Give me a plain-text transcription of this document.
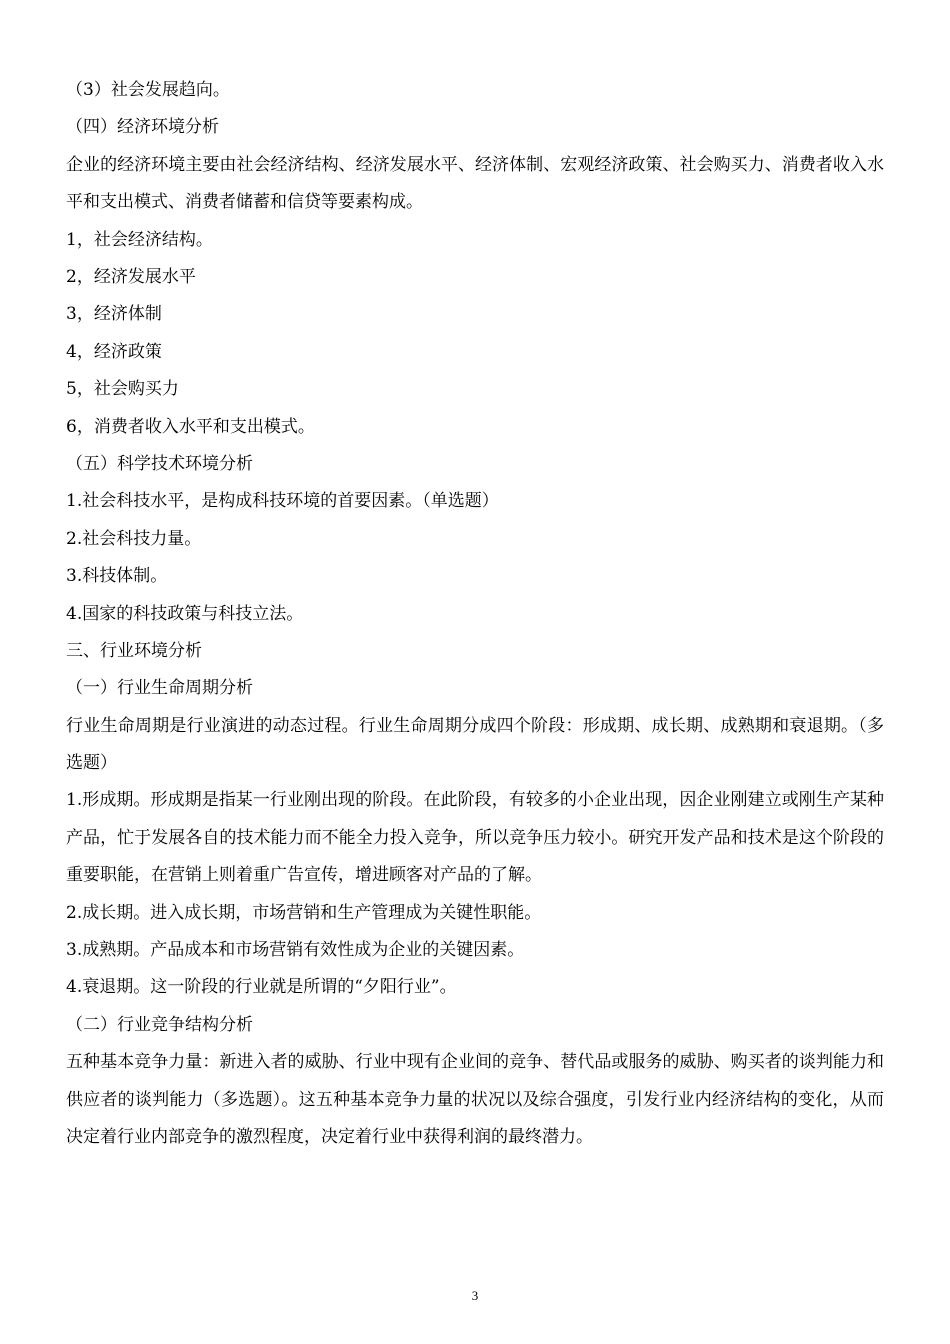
（3）社会发展趋向。
（四）经济环境分析
企业的经济环境主要由社会经济结构、经济发展水平、经济体制、宏观经济政策、社会购买力、消费者收入水平和支出模式、消费者储蓄和信贷等要素构成。
1，社会经济结构。
2，经济发展水平
3，经济体制
4，经济政策
5，社会购买力
6，消费者收入水平和支出模式。
（五）科学技术环境分析
1.社会科技水平，是构成科技环境的首要因素。（单选题）
2.社会科技力量。
3.科技体制。
4.国家的科技政策与科技立法。
三、行业环境分析
（一）行业生命周期分析
行业生命周期是行业演进的动态过程。行业生命周期分成四个阶段：形成期、成长期、成熟期和衰退期。（多选题）
1.形成期。形成期是指某一行业刚出现的阶段。在此阶段，有较多的小企业出现，因企业刚建立或刚生产某种产品，忙于发展各自的技术能力而不能全力投入竞争，所以竞争压力较小。研究开发产品和技术是这个阶段的重要职能，在营销上则着重广告宣传，增进顾客对产品的了解。
2.成长期。进入成长期，市场营销和生产管理成为关键性职能。
3.成熟期。产品成本和市场营销有效性成为企业的关键因素。
4.衰退期。这一阶段的行业就是所谓的“夕阳行业”。
（二）行业竞争结构分析
五种基本竞争力量：新进入者的威胁、行业中现有企业间的竞争、替代品或服务的威胁、购买者的谈判能力和供应者的谈判能力（多选题）。这五种基本竞争力量的状况以及综合强度，引发行业内经济结构的变化，从而决定着行业内部竞争的激烈程度，决定着行业中获得利润的最终潜力。
3
